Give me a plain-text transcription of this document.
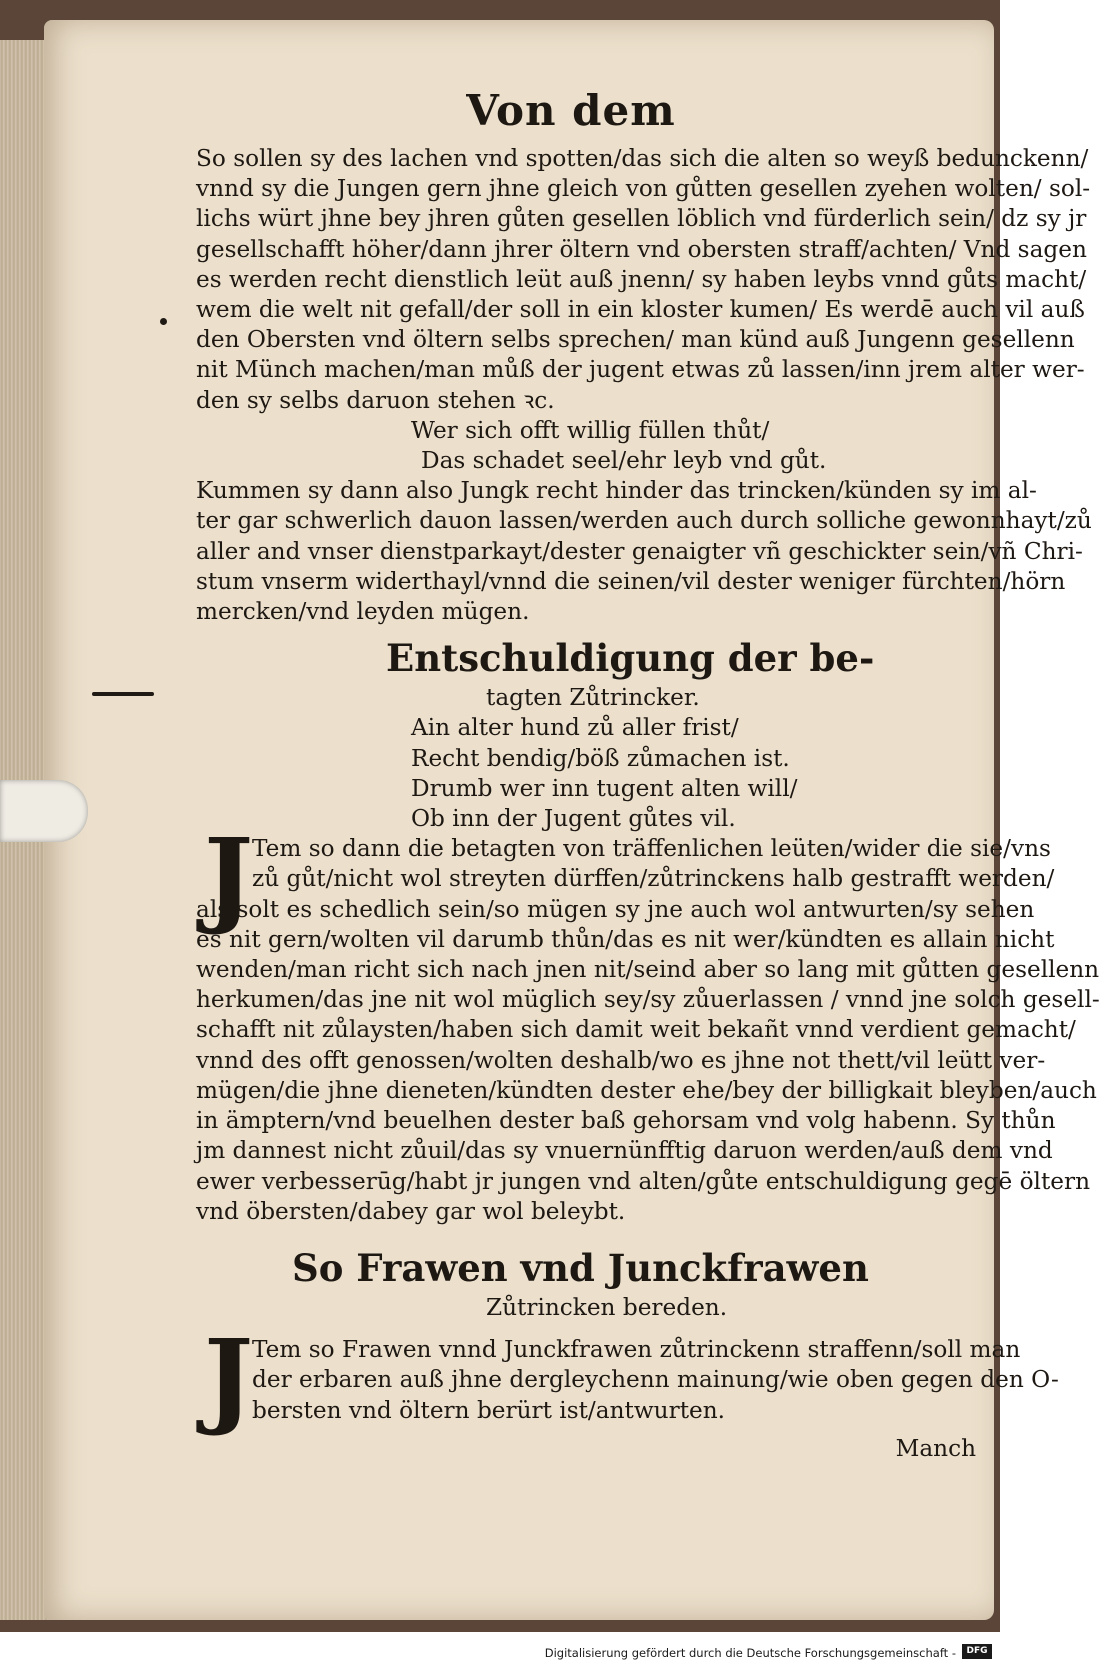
Von dem
So sollen sy des lachen vnd spotten/das sich die alten so weyß bedunckenn/
vnnd sy die Jungen gern jhne gleich von gůtten gesellen zyehen wolten/ sol-
lichs würt jhne bey jhren gůten gesellen löblich vnd fürderlich sein/ dz sy jr
gesellschafft höher/dann jhrer öltern vnd obersten straff/achten/ Vnd sagen
es werden recht dienstlich leüt auß jnenn/ sy haben leybs vnnd gůts macht/
wem die welt nit gefall/der soll in ein kloster kumen/ Es werdē auch vil auß
den Obersten vnd öltern selbs sprechen/ man künd auß Jungenn gesellenn
nit Münch machen/man můß der jugent etwas zů lassen/inn jrem alter wer-
den sy selbs daruon stehen ꝛc.
Wer sich offt willig füllen thůt/
Das schadet seel/ehr leyb vnd gůt.
Kummen sy dann also Jungk recht hinder das trincken/künden sy im al-
ter gar schwerlich dauon lassen/werden auch durch solliche gewonnhayt/zů
aller and vnser dienstparkayt/dester genaigter vñ geschickter sein/vñ Chri-
stum vnserm widerthayl/vnnd die seinen/vil dester weniger fürchten/hörn
mercken/vnd leyden mügen.
Entschuldigung der be-
tagten Zůtrincker.
Ain alter hund zů aller frist/
Recht bendig/böß zůmachen ist.
Drumb wer inn tugent alten will/
Ob inn der Jugent gůtes vil.
J
Tem so dann die betagten von träffenlichen leüten/wider die sie/vns
zů gůt/nicht wol streyten dürffen/zůtrinckens halb gestrafft werden/
als solt es schedlich sein/so mügen sy jne auch wol antwurten/sy sehen
es nit gern/wolten vil darumb thůn/das es nit wer/kündten es allain nicht
wenden/man richt sich nach jnen nit/seind aber so lang mit gůtten gesellenn
herkumen/das jne nit wol müglich sey/sy zůuerlassen / vnnd jne solch gesell-
schafft nit zůlaysten/haben sich damit weit bekañt vnnd verdient gemacht/
vnnd des offt genossen/wolten deshalb/wo es jhne not thett/vil leütt ver-
mügen/die jhne dieneten/kündten dester ehe/bey der billigkait bleyben/auch
in ämptern/vnd beuelhen dester baß gehorsam vnd volg habenn. Sy thůn
jm dannest nicht zůuil/das sy vnuernünfftig daruon werden/auß dem vnd
ewer verbesserūg/habt jr jungen vnd alten/gůte entschuldigung gegē öltern
vnd öbersten/dabey gar wol beleybt.
So Frawen vnd Junckfrawen
Zůtrincken bereden.
J
Tem so Frawen vnnd Junckfrawen zůtrinckenn straffenn/soll man
der erbaren auß jhne dergleychenn mainung/wie oben gegen den O-
bersten vnd öltern berürt ist/antwurten.
Manch
Digitalisierung gefördert durch die Deutsche Forschungsgemeinschaft -	DFG
